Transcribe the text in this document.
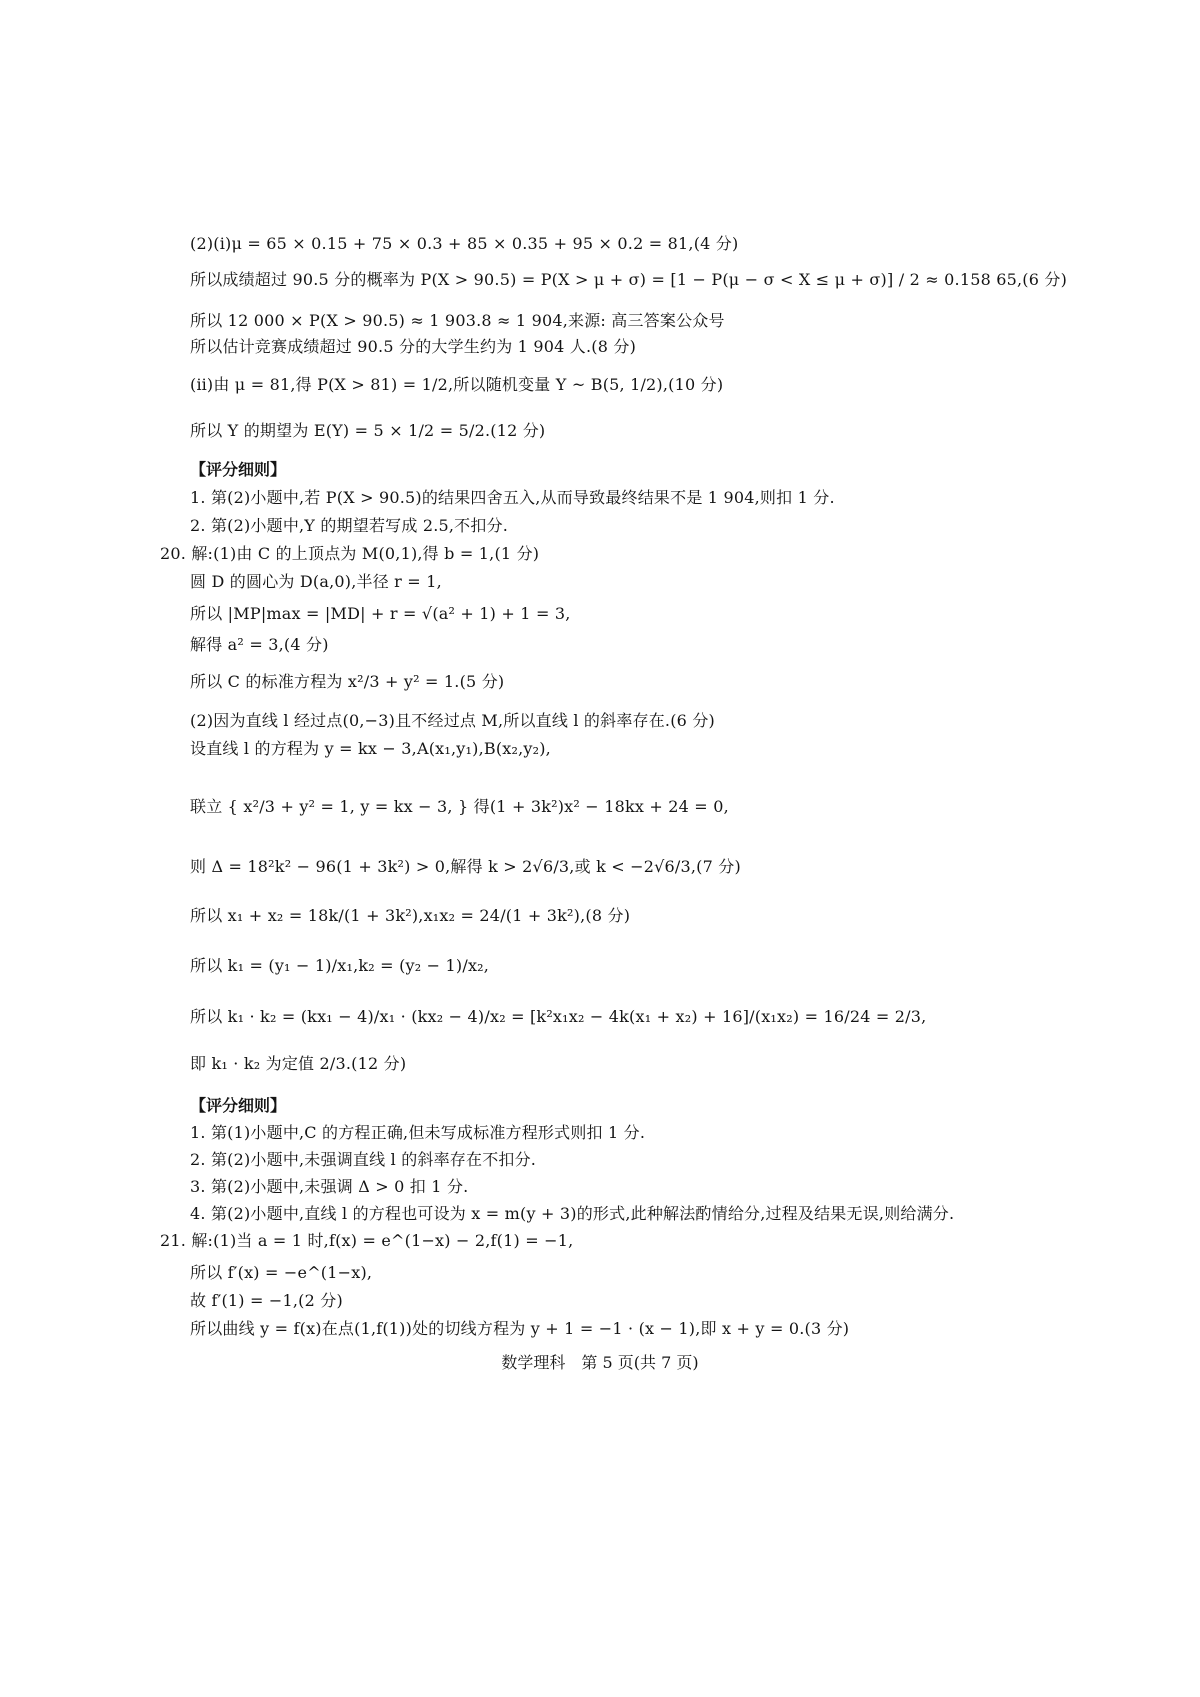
(2)(ⅰ)μ = 65 × 0.15 + 75 × 0.3 + 85 × 0.35 + 95 × 0.2 = 81,(4 分)
所以成绩超过 90.5 分的概率为 P(X > 90.5) = P(X > μ + σ) = [1 − P(μ − σ < X ≤ μ + σ)] / 2 ≈ 0.158 65,(6 分)
所以 12 000 × P(X > 90.5) ≈ 1 903.8 ≈ 1 904,来源: 高三答案公众号
所以估计竞赛成绩超过 90.5 分的大学生约为 1 904 人.(8 分)
(ⅱ)由 μ = 81,得 P(X > 81) = 1/2,所以随机变量 Y ~ B(5, 1/2),(10 分)
所以 Y 的期望为 E(Y) = 5 × 1/2 = 5/2.(12 分)
【评分细则】
1. 第(2)小题中,若 P(X > 90.5)的结果四舍五入,从而导致最终结果不是 1 904,则扣 1 分.
2. 第(2)小题中,Y 的期望若写成 2.5,不扣分.
20. 解:(1)由 C 的上顶点为 M(0,1),得 b = 1,(1 分)
圆 D 的圆心为 D(a,0),半径 r = 1,
所以 |MP|max = |MD| + r = √(a² + 1) + 1 = 3,
解得 a² = 3,(4 分)
所以 C 的标准方程为 x²/3 + y² = 1.(5 分)
(2)因为直线 l 经过点(0,−3)且不经过点 M,所以直线 l 的斜率存在.(6 分)
设直线 l 的方程为 y = kx − 3,A(x₁,y₁),B(x₂,y₂),
联立 { x²/3 + y² = 1, y = kx − 3, } 得(1 + 3k²)x² − 18kx + 24 = 0,
则 Δ = 18²k² − 96(1 + 3k²) > 0,解得 k > 2√6/3,或 k < −2√6/3,(7 分)
所以 x₁ + x₂ = 18k/(1 + 3k²),x₁x₂ = 24/(1 + 3k²),(8 分)
所以 k₁ = (y₁ − 1)/x₁,k₂ = (y₂ − 1)/x₂,
所以 k₁ · k₂ = (kx₁ − 4)/x₁ · (kx₂ − 4)/x₂ = [k²x₁x₂ − 4k(x₁ + x₂) + 16]/(x₁x₂) = 16/24 = 2/3,
即 k₁ · k₂ 为定值 2/3.(12 分)
【评分细则】
1. 第(1)小题中,C 的方程正确,但未写成标准方程形式则扣 1 分.
2. 第(2)小题中,未强调直线 l 的斜率存在不扣分.
3. 第(2)小题中,未强调 Δ > 0 扣 1 分.
4. 第(2)小题中,直线 l 的方程也可设为 x = m(y + 3)的形式,此种解法酌情给分,过程及结果无误,则给满分.
21. 解:(1)当 a = 1 时,f(x) = e^(1−x) − 2,f(1) = −1,
所以 f′(x) = −e^(1−x),
故 f′(1) = −1,(2 分)
所以曲线 y = f(x)在点(1,f(1))处的切线方程为 y + 1 = −1 · (x − 1),即 x + y = 0.(3 分)
数学理科　第 5 页(共 7 页)
